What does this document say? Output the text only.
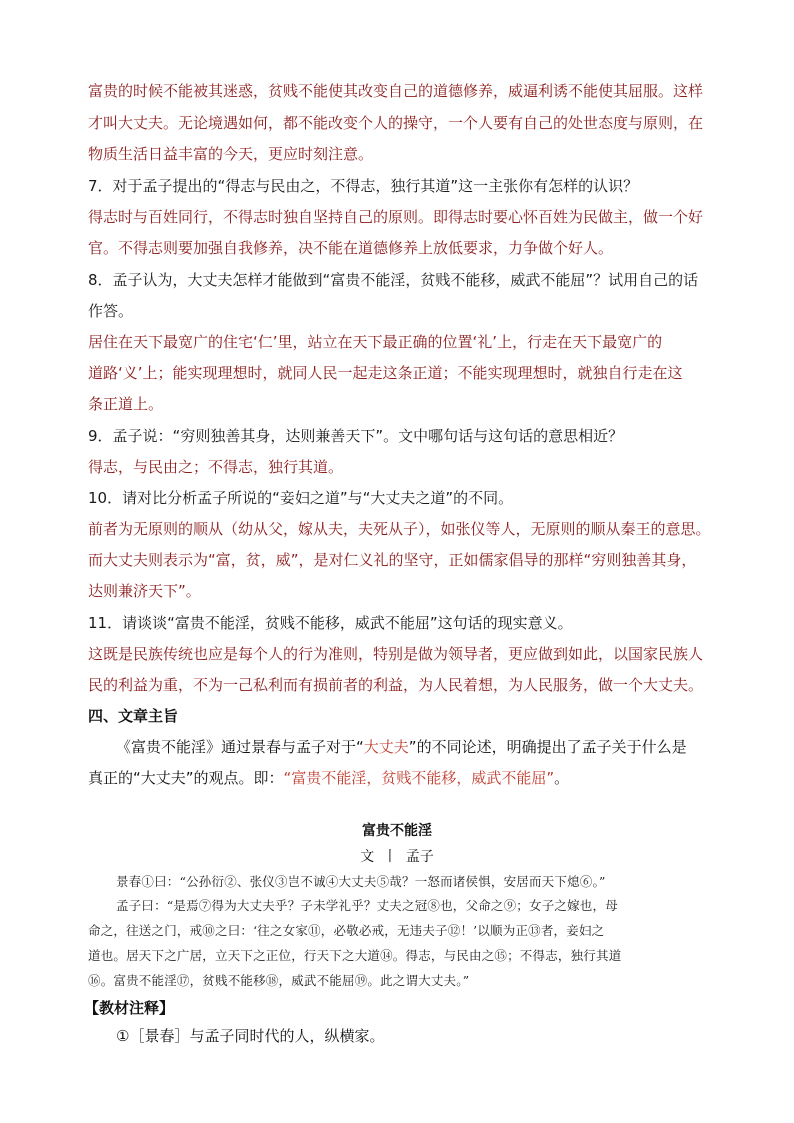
富贵的时候不能被其迷惑，贫贱不能使其改变自己的道德修养，威逼利诱不能使其屈服。这样
才叫大丈夫。无论境遇如何，都不能改变个人的操守，一个人要有自己的处世态度与原则，在
物质生活日益丰富的今天，更应时刻注意。
7．对于孟子提出的“得志与民由之，不得志，独行其道”这一主张你有怎样的认识？
得志时与百姓同行，不得志时独自坚持自己的原则。即得志时要心怀百姓为民做主，做一个好
官。不得志则要加强自我修养，决不能在道德修养上放低要求，力争做个好人。
8．孟子认为，大丈夫怎样才能做到“富贵不能淫，贫贱不能移，威武不能屈”？试用自己的话
作答。
居住在天下最宽广的住宅‘仁’里，站立在天下最正确的位置‘礼’上，行走在天下最宽广的
道路‘义’上；能实现理想时，就同人民一起走这条正道；不能实现理想时，就独自行走在这
条正道上。
9．孟子说：“穷则独善其身，达则兼善天下”。文中哪句话与这句话的意思相近？
得志，与民由之；不得志，独行其道。
10．请对比分析孟子所说的“妾妇之道”与“大丈夫之道”的不同。
前者为无原则的顺从（幼从父，嫁从夫，夫死从子），如张仪等人，无原则的顺从秦王的意思。
而大丈夫则表示为“富，贫，威”，是对仁义礼的坚守，正如儒家倡导的那样“穷则独善其身，
达则兼济天下”。
11．请谈谈“富贵不能淫，贫贱不能移，威武不能屈”这句话的现实意义。
这既是民族传统也应是每个人的行为准则，特别是做为领导者，更应做到如此，以国家民族人
民的利益为重，不为一己私利而有损前者的利益，为人民着想，为人民服务，做一个大丈夫。
四、文章主旨
《富贵不能淫》通过景春与孟子对于“大丈夫”的不同论述，明确提出了孟子关于什么是
真正的“大丈夫”的观点。即：“富贵不能淫，贫贱不能移，威武不能屈”。
富贵不能淫
文  丨  孟子
景春①曰：“公孙衍②、张仪③岂不诚④大丈夫⑤哉？一怒而诸侯惧，安居而天下熄⑥。”
孟子曰：“是焉⑦得为大丈夫乎？子未学礼乎？丈夫之冠⑧也，父命之⑨；女子之嫁也，母
命之，往送之门，戒⑩之曰：‘往之女家⑪，必敬必戒，无违夫子⑫！’以顺为正⑬者，妾妇之
道也。居天下之广居，立天下之正位，行天下之大道⑭。得志，与民由之⑮；不得志，独行其道
⑯。富贵不能淫⑰，贫贱不能移⑱，威武不能屈⑲。此之谓大丈夫。”
【教材注释】
①［景春］与孟子同时代的人，纵横家。
